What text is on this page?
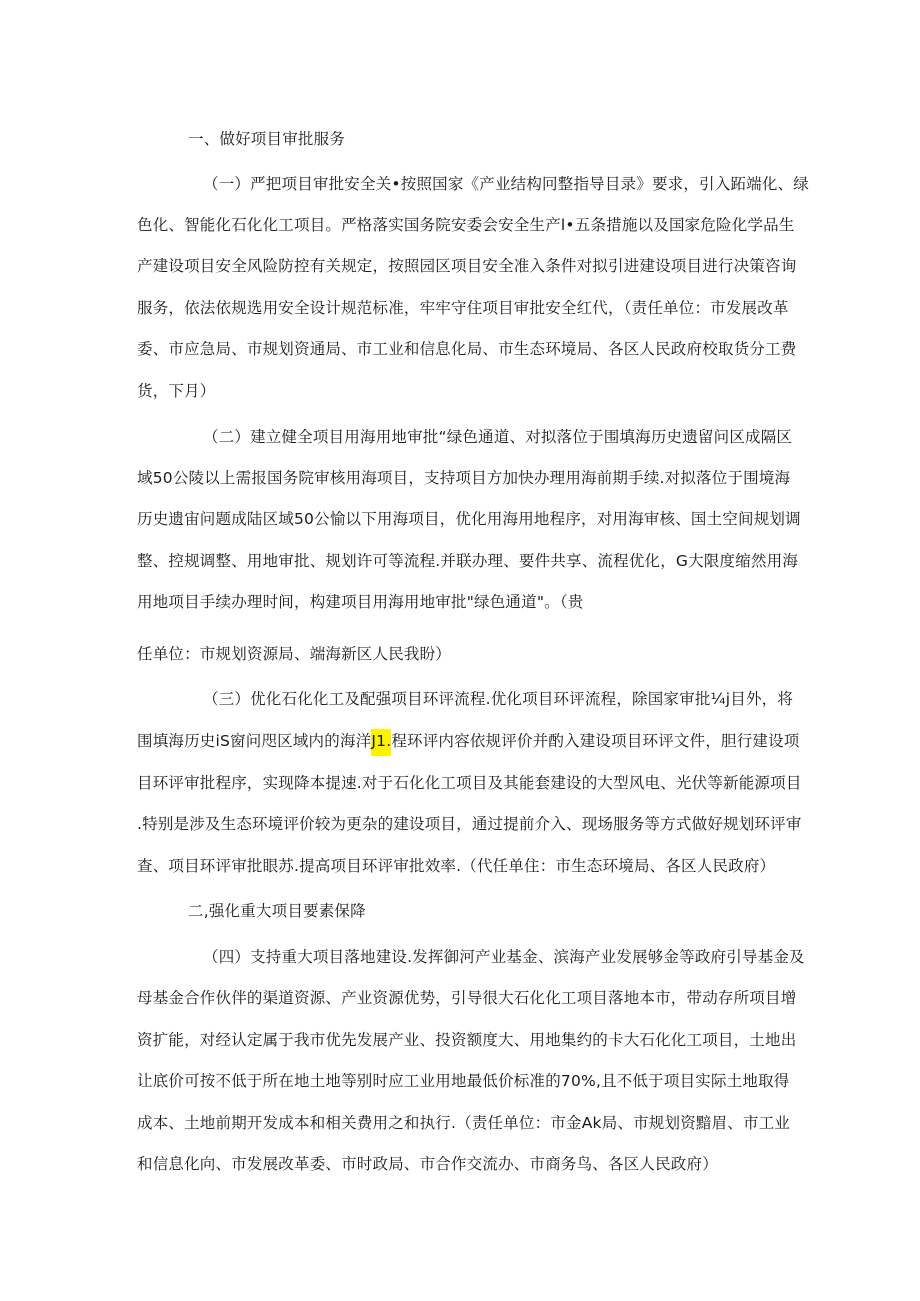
一、做好项目审批服务
（一）严把项目审批安全关•按照国家《产业结构冋整指导目录》要求，引入跖端化、绿
色化、智能化石化化工项目。严格落实国务院安委会安全生产l•五条措施以及国家危险化学品生
产建设项目安全风险防控有关规定，按照园区项目安全准入条件对拟引进建设项目进行决策咨询
服务，依法依规选用安全设计规范标准，牢牢守住项目审批安全红代，（责任单位：市发展改革
委、市应急局、市规划资通局、市工业和信息化局、市生态环境局、各区人民政府校取货分工费
货，下月）
（二）建立健全项目用海用地审批“绿色通道、对拟落位于围填海历史遗留问区成隔区
域50公陵以上需报国务院审核用海项目，支持项目方加快办理用海前期手续.对拟落位于围境海
历史遗宙问题成陆区域50公愉以下用海项目，优化用海用地程序，对用海审核、国土空间规划调
整、控规调整、用地审批、规划许可等流程.并联办理、要件共享、流程优化，G大限度缩然用海
用地项目手续办理时间，构建项目用海用地审批"绿色通道"。（贵
任单位：市规划资源局、端海新区人民我盼）
（三）优化石化化工及配强项目环评流程.优化项目环评流程，除国家审批¼j目外，将
围填海历史iS窗问咫区域内的海洋J1.程环评内容依规评价并酌入建设项目环评文件，胆行建设项
目环评审批程序，实现降本提速.对于石化化工项目及其能套建设的大型风电、光伏等新能源项目
.特别是涉及生态环境评价较为更杂的建设项目，通过提前介入、现场服务等方式做好规划环评审
查、项目环评审批眼苏.提高项目环评审批效率.（代任单住：市生态环境局、各区人民政府）
二,强化重大项目要素保降
（四）支持重大项目落地建设.发挥御河产业基金、滨海产业发展够金等政府引导基金及
母基金合作伙伴的渠道资源、产业资源优势，引导很大石化化工项目落地本市，带动存所项目增
资扩能，对经认定属于我市优先发展产业、投资额度大、用地集约的卡大石化化工项目，土地出
让底价可按不低于所在地土地等别时应工业用地最低价标准的70%,且不低于项目实际土地取得
成本、土地前期开发成本和相关费用之和执行.（责任单位：市金Ak局、市规划资黯眉、市工业
和信息化向、市发展改革委、市时政局、市合作交流办、市商务鸟、各区人民政府）
